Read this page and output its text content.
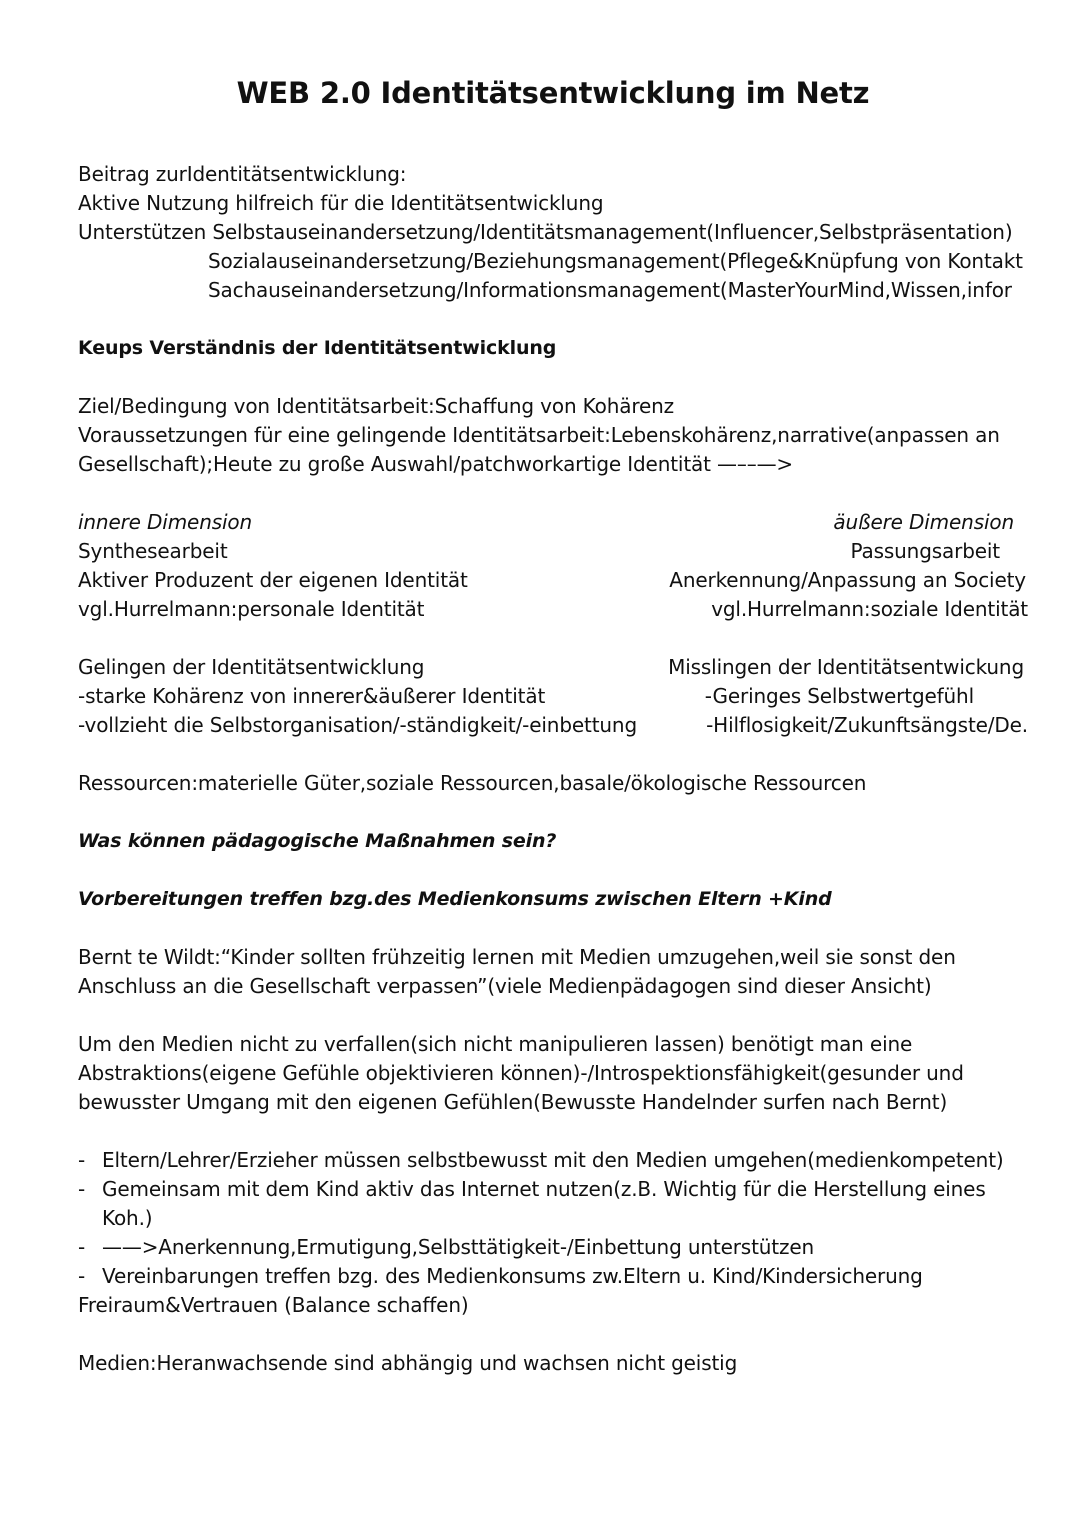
WEB 2.0 Identitätsentwicklung im Netz
Beitrag zurIdentitätsentwicklung:
Aktive Nutzung hilfreich für die Identitätsentwicklung
Unterstützen Selbstauseinandersetzung/Identitätsmanagement(Influencer,Selbstpräsentation)
Sozialauseinandersetzung/Beziehungsmanagement(Pflege&Knüpfung von Kontakt
Sachauseinandersetzung/Informationsmanagement(MasterYourMind,Wissen,infor
Keups Verständnis der Identitätsentwicklung
Ziel/Bedingung von Identitätsarbeit:Schaffung von Kohärenz
Voraussetzungen für eine gelingende Identitätsarbeit:Lebenskohärenz,narrative(anpassen an
Gesellschaft);Heute zu große Auswahl/patchworkartige Identität —––—>
innere Dimension
Synthesearbeit
Aktiver Produzent der eigenen Identität
vgl.Hurrelmann:personale Identität
äußere Dimension
Passungsarbeit
Anerkennung/Anpassung an Society
vgl.Hurrelmann:soziale Identität
Gelingen der Identitätsentwicklung
-starke Kohärenz von innerer&äußerer Identität
-vollzieht die Selbstorganisation/-ständigkeit/-einbettung
Misslingen der Identitätsentwickung
-Geringes Selbstwertgefühl
-Hilflosigkeit/Zukunftsängste/De.
Ressourcen:materielle Güter,soziale Ressourcen,basale/ökologische Ressourcen
Was können pädagogische Maßnahmen sein?
Vorbereitungen treffen bzg.des Medienkonsums zwischen Eltern +Kind
Bernt te Wildt:“Kinder sollten frühzeitig lernen mit Medien umzugehen,weil sie sonst den
Anschluss an die Gesellschaft verpassen”(viele Medienpädagogen sind dieser Ansicht)
Um den Medien nicht zu verfallen(sich nicht manipulieren lassen) benötigt man eine
Abstraktions(eigene Gefühle objektivieren können)-/Introspektionsfähigkeit(gesunder und
bewusster Umgang mit den eigenen Gefühlen(Bewusste Handelnder surfen nach Bernt)
- Eltern/Lehrer/Erzieher müssen selbstbewusst mit den Medien umgehen(medienkompetent)
- Gemeinsam mit dem Kind aktiv das Internet nutzen(z.B. Wichtig für die Herstellung eines
Koh.)
- ——>Anerkennung,Ermutigung,Selbsttätigkeit-/Einbettung unterstützen
- Vereinbarungen treffen bzg. des Medienkonsums zw.Eltern u. Kind/Kindersicherung
Freiraum&Vertrauen (Balance schaffen)
Medien:Heranwachsende sind abhängig und wachsen nicht geistig
